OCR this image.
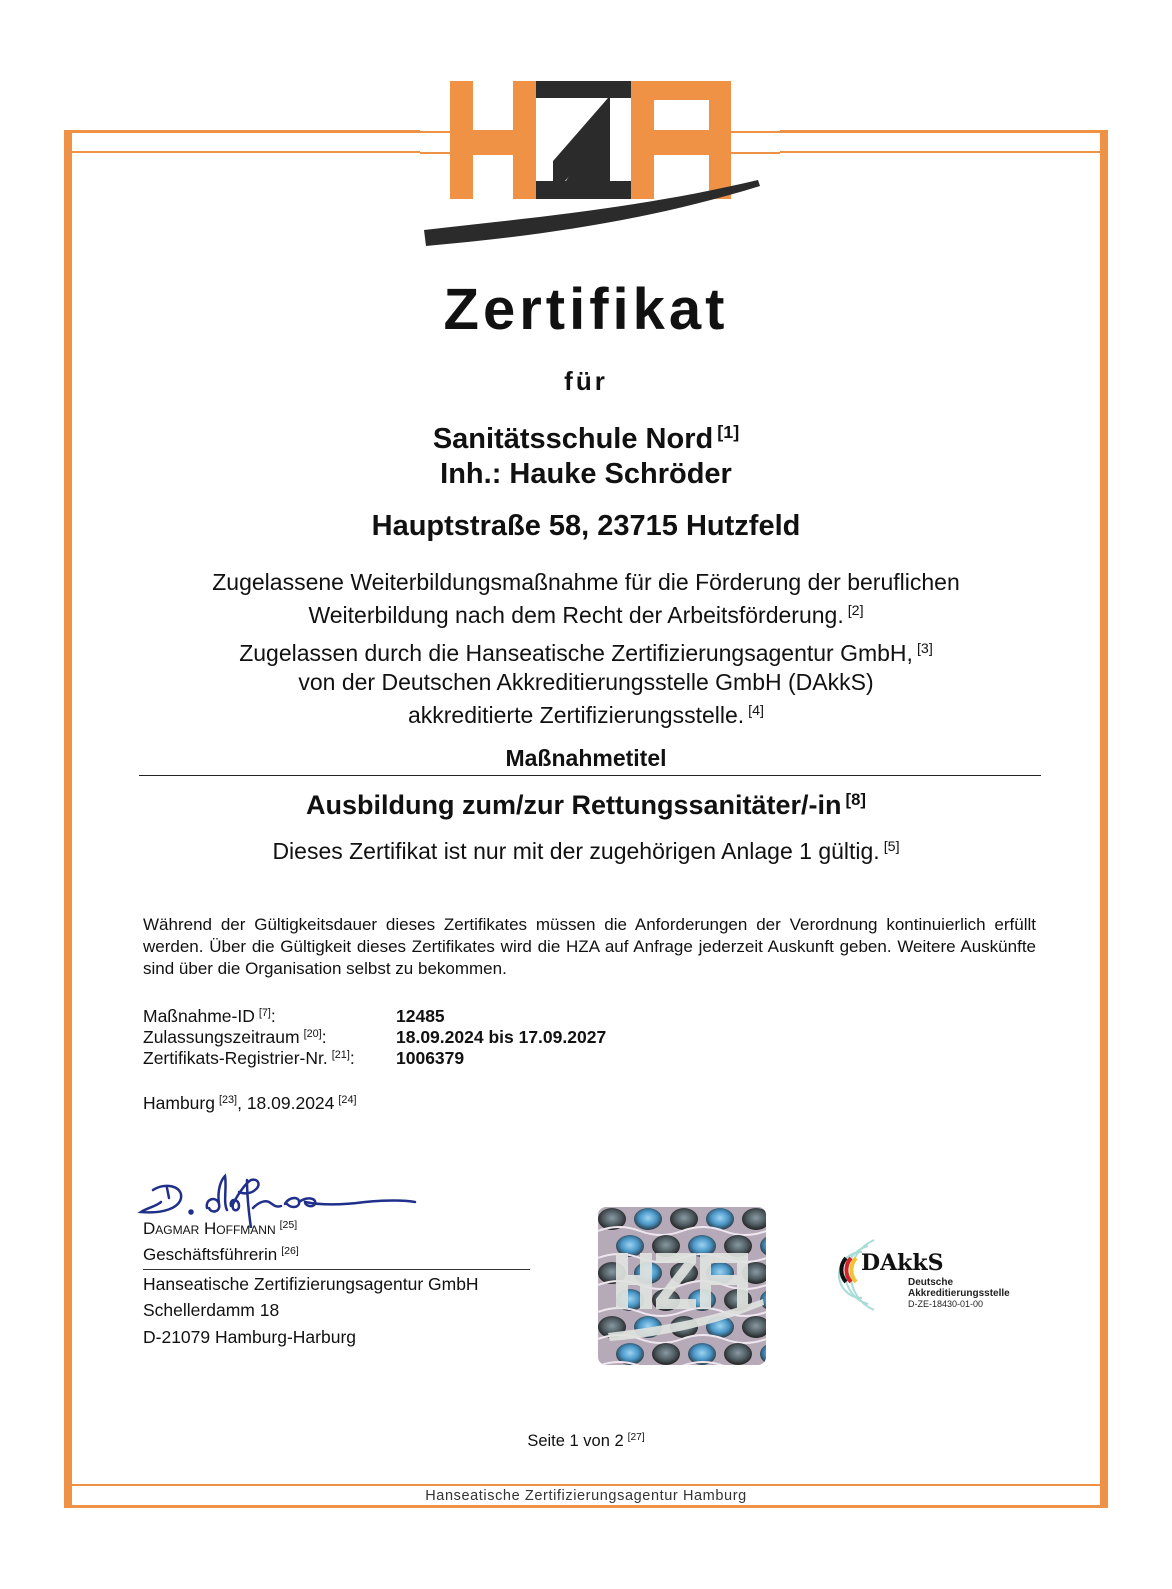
Zertifikat
für
Sanitätsschule Nord [1]
Inh.: Hauke Schröder
Hauptstraße 58, 23715 Hutzfeld
Zugelassene Weiterbildungsmaßnahme für die Förderung der beruflichen
Weiterbildung nach dem Recht der Arbeitsförderung. [2]
Zugelassen durch die Hanseatische Zertifizierungsagentur GmbH, [3]
von der Deutschen Akkreditierungsstelle GmbH (DAkkS)
akkreditierte Zertifizierungsstelle. [4]
Maßnahmetitel
Ausbildung zum/zur Rettungssanitäter/-in [8]
Dieses Zertifikat ist nur mit der zugehörigen Anlage 1 gültig. [5]
Während der Gültigkeitsdauer dieses Zertifikates müssen die Anforderungen der Verordnung kontinuierlich erfüllt werden. Über die Gültigkeit dieses Zertifikates wird die HZA auf Anfrage jederzeit Auskunft geben. Weitere Auskünfte sind über die Organisation selbst zu bekommen.
Maßnahme-ID [7]:	12485
Zulassungszeitraum [20]:	18.09.2024 bis 17.09.2027
Zertifikats-Registrier-Nr. [21]: 1006379
Hamburg [23], 18.09.2024 [24]
Dagmar Hoffmann [25]
Geschäftsführerin [26]
Hanseatische Zertifizierungsagentur GmbH
Schellerdamm 18
D-21079 Hamburg-Harburg
DAkkS
Deutsche
Akkreditierungsstelle
D-ZE-18430-01-00
Seite 1 von 2 [27]
Hanseatische Zertifizierungsagentur Hamburg
